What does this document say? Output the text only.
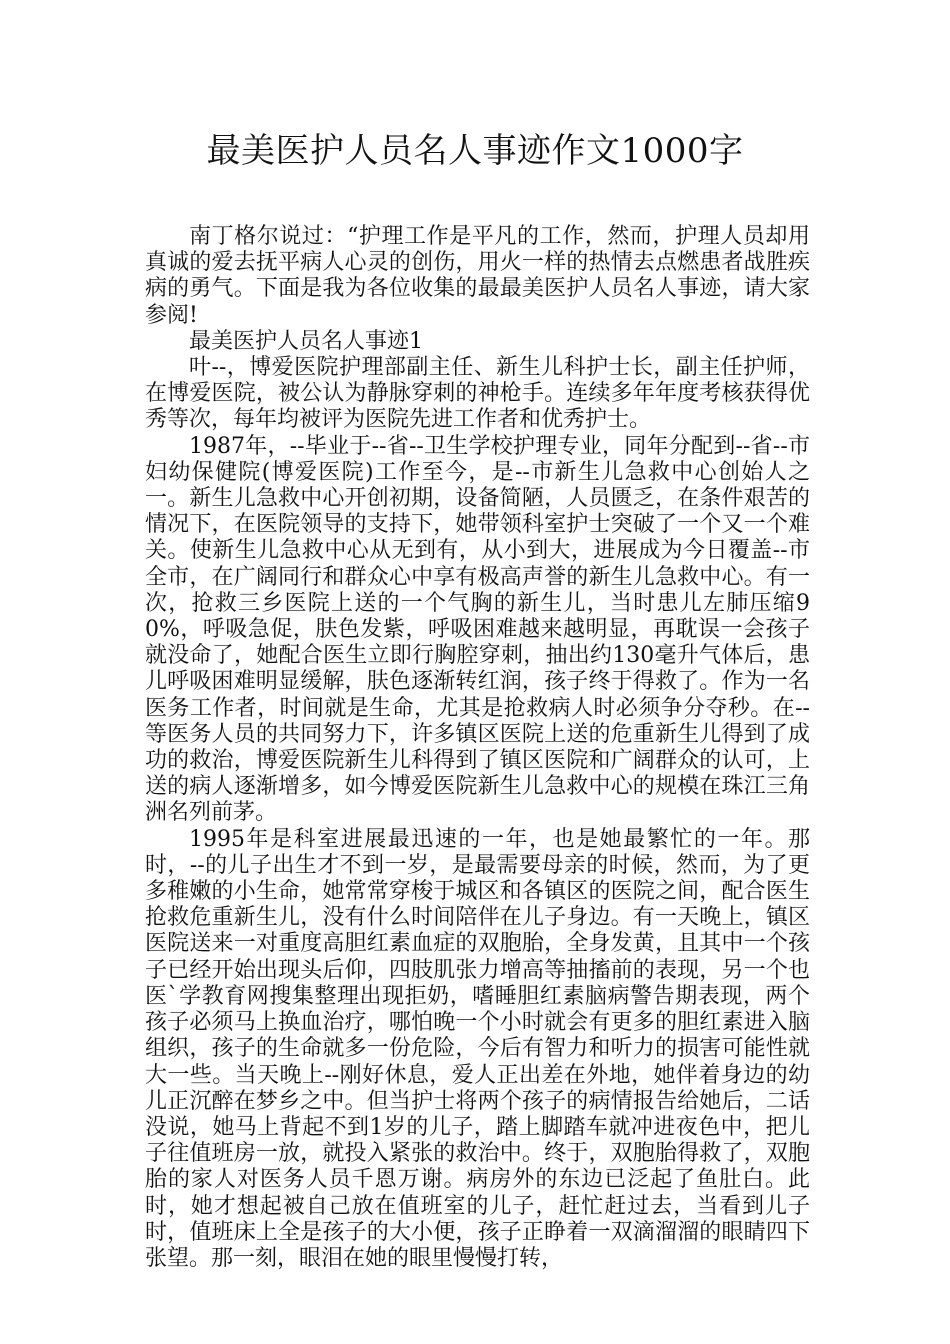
最美医护人员名人事迹作文1000字

南丁格尔说过：“护理工作是平凡的工作，然而，护理人员却用真诚的爱去抚平病人心灵的创伤，用火一样的热情去点燃患者战胜疾病的勇气。下面是我为各位收集的最最美医护人员名人事迹，请大家参阅!

最美医护人员名人事迹1

叶--，博爱医院护理部副主任、新生儿科护士长，副主任护师，在博爱医院，被公认为静脉穿刺的神枪手。连续多年年度考核获得优秀等次，每年均被评为医院先进工作者和优秀护士。

1987年，--毕业于--省--卫生学校护理专业，同年分配到--省--市妇幼保健院(博爱医院)工作至今，是--市新生儿急救中心创始人之一。新生儿急救中心开创初期，设备简陋，人员匮乏，在条件艰苦的情况下，在医院领导的支持下，她带领科室护士突破了一个又一个难关。使新生儿急救中心从无到有，从小到大，进展成为今日覆盖--市全市，在广阔同行和群众心中享有极高声誉的新生儿急救中心。有一次，抢救三乡医院上送的一个气胸的新生儿，当时患儿左肺压缩90%，呼吸急促，肤色发紫，呼吸困难越来越明显，再耽误一会孩子就没命了，她配合医生立即行胸腔穿刺，抽出约130毫升气体后，患儿呼吸困难明显缓解，肤色逐渐转红润，孩子终于得救了。作为一名医务工作者，时间就是生命，尤其是抢救病人时必须争分夺秒。在--等医务人员的共同努力下，许多镇区医院上送的危重新生儿得到了成功的救治，博爱医院新生儿科得到了镇区医院和广阔群众的认可，上送的病人逐渐增多，如今博爱医院新生儿急救中心的规模在珠江三角洲名列前茅。

1995年是科室进展最迅速的一年，也是她最繁忙的一年。那时，--的儿子出生才不到一岁，是最需要母亲的时候，然而，为了更多稚嫩的小生命，她常常穿梭于城区和各镇区的医院之间，配合医生抢救危重新生儿，没有什么时间陪伴在儿子身边。有一天晚上，镇区医院送来一对重度高胆红素血症的双胞胎，全身发黄，且其中一个孩子已经开始出现头后仰，四肢肌张力增高等抽搐前的表现，另一个也医`学教育网搜集整理出现拒奶，嗜睡胆红素脑病警告期表现，两个孩子必须马上换血治疗，哪怕晚一个小时就会有更多的胆红素进入脑组织，孩子的生命就多一份危险，今后有智力和听力的损害可能性就大一些。当天晚上--刚好休息，爱人正出差在外地，她伴着身边的幼儿正沉醉在梦乡之中。但当护士将两个孩子的病情报告给她后，二话没说，她马上背起不到1岁的儿子，踏上脚踏车就冲进夜色中，把儿子往值班房一放，就投入紧张的救治中。终于，双胞胎得救了，双胞胎的家人对医务人员千恩万谢。病房外的东边已泛起了鱼肚白。此时，她才想起被自己放在值班室的儿子，赶忙赶过去，当看到儿子时，值班床上全是孩子的大小便，孩子正睁着一双滴溜溜的眼睛四下张望。那一刻，眼泪在她的眼里慢慢打转，
